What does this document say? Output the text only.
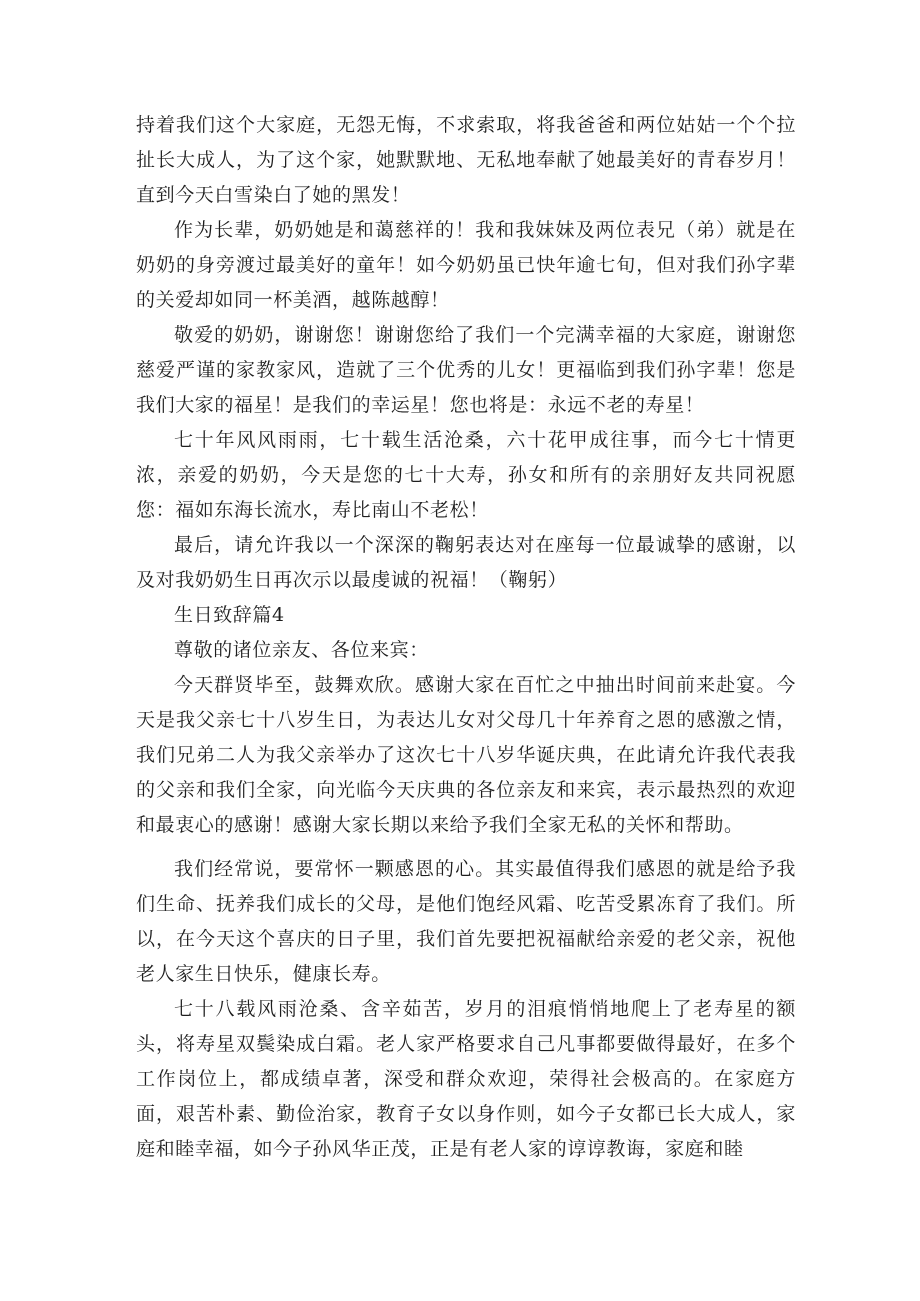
持着我们这个大家庭，无怨无悔，不求索取，将我爸爸和两位姑姑一个个拉扯长大成人，为了这个家，她默默地、无私地奉献了她最美好的青春岁月！直到今天白雪染白了她的黑发！

作为长辈，奶奶她是和蔼慈祥的！我和我妹妹及两位表兄（弟）就是在奶奶的身旁渡过最美好的童年！如今奶奶虽已快年逾七旬，但对我们孙字辈的关爱却如同一杯美酒，越陈越醇！

敬爱的奶奶，谢谢您！谢谢您给了我们一个完满幸福的大家庭，谢谢您慈爱严谨的家教家风，造就了三个优秀的儿女！更福临到我们孙字辈！您是我们大家的福星！是我们的幸运星！您也将是：永远不老的寿星！

七十年风风雨雨，七十载生活沧桑，六十花甲成往事，而今七十情更浓，亲爱的奶奶，今天是您的七十大寿，孙女和所有的亲朋好友共同祝愿您：福如东海长流水，寿比南山不老松！

最后，请允许我以一个深深的鞠躬表达对在座每一位最诚挚的感谢，以及对我奶奶生日再次示以最虔诚的祝福！（鞠躬）

生日致辞篇4

尊敬的诸位亲友、各位来宾：

今天群贤毕至，鼓舞欢欣。感谢大家在百忙之中抽出时间前来赴宴。今天是我父亲七十八岁生日，为表达儿女对父母几十年养育之恩的感激之情，我们兄弟二人为我父亲举办了这次七十八岁华诞庆典，在此请允许我代表我的父亲和我们全家，向光临今天庆典的各位亲友和来宾，表示最热烈的欢迎和最衷心的感谢！感谢大家长期以来给予我们全家无私的关怀和帮助。

我们经常说，要常怀一颗感恩的心。其实最值得我们感恩的就是给予我们生命、抚养我们成长的父母，是他们饱经风霜、吃苦受累冻育了我们。所以，在今天这个喜庆的日子里，我们首先要把祝福献给亲爱的老父亲，祝他老人家生日快乐，健康长寿。

七十八载风雨沧桑、含辛茹苦，岁月的泪痕悄悄地爬上了老寿星的额头，将寿星双鬓染成白霜。老人家严格要求自己凡事都要做得最好，在多个工作岗位上，都成绩卓著，深受和群众欢迎，荣得社会极高的。在家庭方面，艰苦朴素、勤俭治家，教育子女以身作则，如今子女都已长大成人，家庭和睦幸福，如今子孙风华正茂，正是有老人家的谆谆教诲，家庭和睦
